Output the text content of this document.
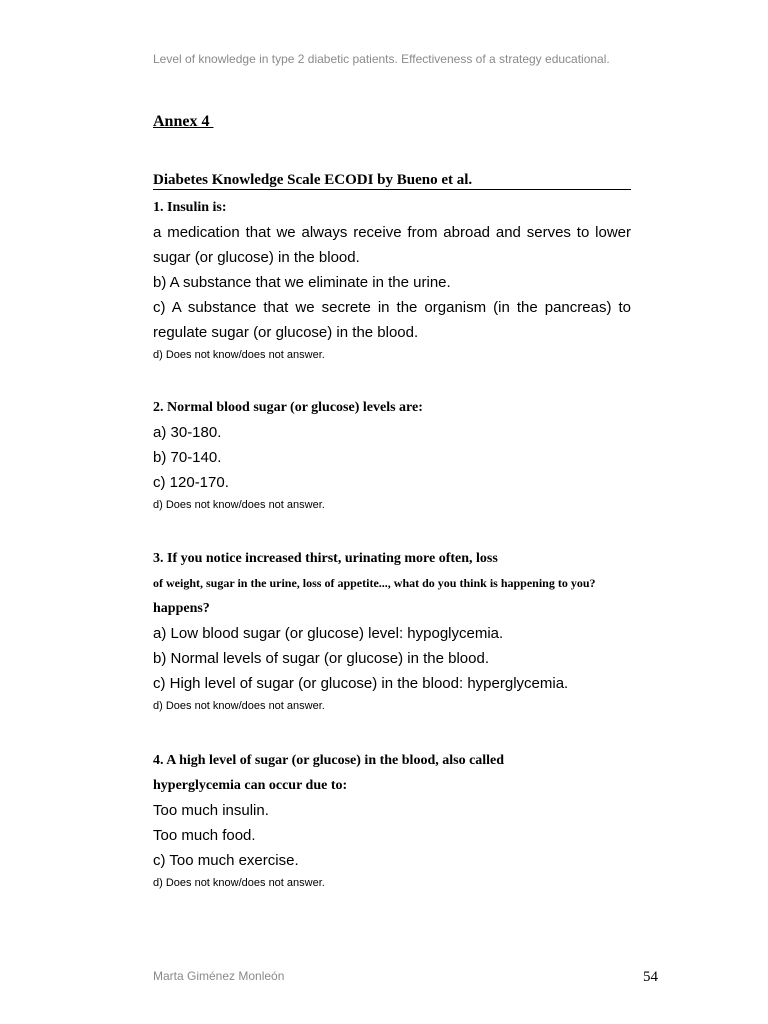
Level of knowledge in type 2 diabetic patients. Effectiveness of a strategy educational.
Annex 4
Diabetes Knowledge Scale ECODI by Bueno et al.

1. Insulin is:

a medication that we always receive from abroad and serves to lower sugar (or glucose) in the blood.

b) A substance that we eliminate in the urine.

c) A substance that we secrete in the organism (in the pancreas) to regulate sugar (or glucose) in the blood.

d) Does not know/does not answer.

2. Normal blood sugar (or glucose) levels are:

a) 30-180.

b) 70-140.

c) 120-170.

d) Does not know/does not answer.

3. If you notice increased thirst, urinating more often, loss

of weight, sugar in the urine, loss of appetite..., what do you think is happening to you?

happens?

a) Low blood sugar (or glucose) level: hypoglycemia.

b) Normal levels of sugar (or glucose) in the blood.

c) High level of sugar (or glucose) in the blood: hyperglycemia.

d) Does not know/does not answer.

4. A high level of sugar (or glucose) in the blood, also called

hyperglycemia can occur due to:

Too much insulin.

Too much food.

c) Too much exercise.

d) Does not know/does not answer.

Marta Giménez Monleón	54
